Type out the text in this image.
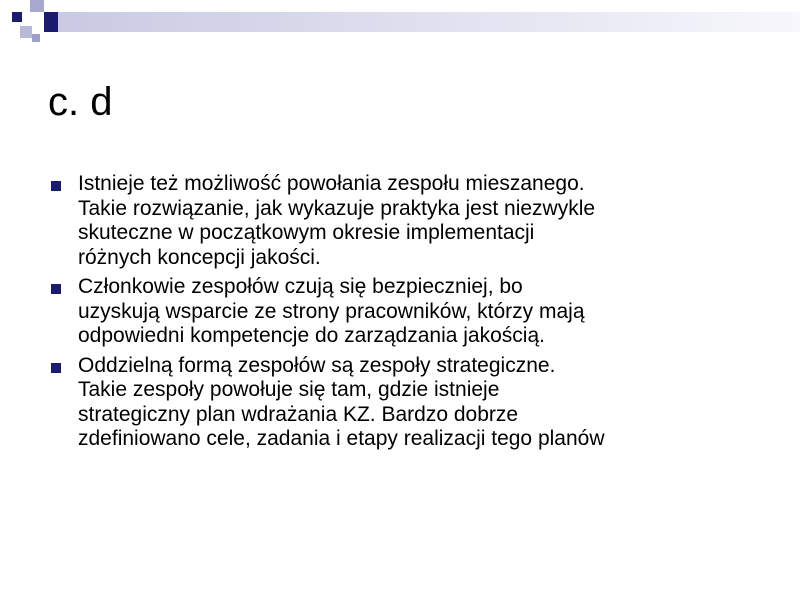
c. d
Istnieje też możliwość powołania zespołu mieszanego.
Takie rozwiązanie, jak wykazuje praktyka jest niezwykle
skuteczne w początkowym okresie implementacji
różnych koncepcji jakości.
Członkowie zespołów czują się bezpieczniej, bo
uzyskują wsparcie ze strony pracowników, którzy mają
odpowiedni kompetencje do zarządzania jakością.
Oddzielną formą zespołów są zespoły strategiczne.
Takie zespoły powołuje się tam, gdzie istnieje
strategiczny plan wdrażania KZ. Bardzo dobrze
zdefiniowano cele, zadania i etapy realizacji tego planów
